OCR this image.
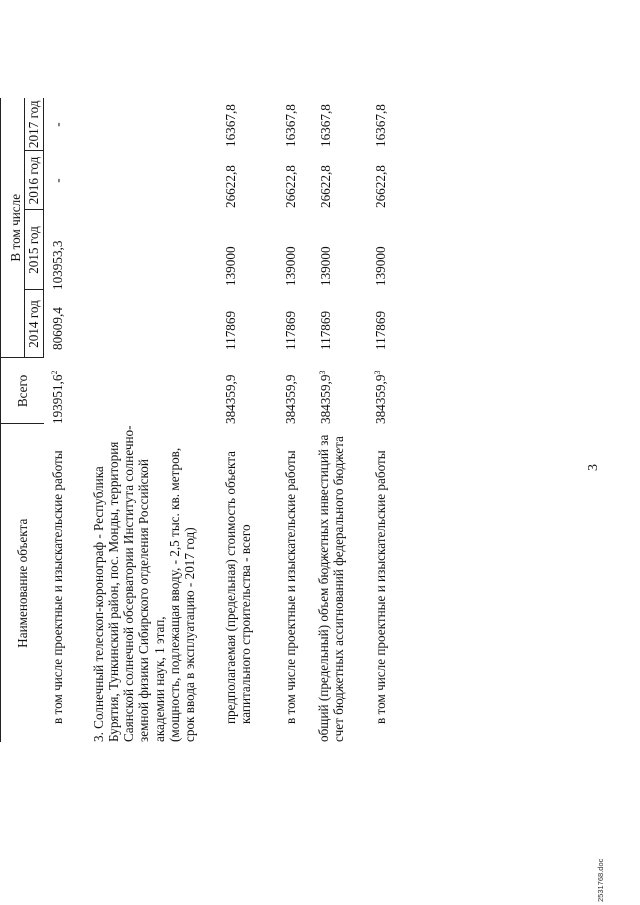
3
2531768.doc
	Наименование объекта	Всего	В том числе				
			2014 год	2015 год	2016 год	2017 год	
	в том числе проектные и изыскательские работы	193951,6$^2$	80609,4	103953,3	-	-	
	3. Солнечный телескоп-коронограф - Республика Бурятия, Тункинский район, пос. Монды, территория Саянской солнечной обсерватории Института солнечно-земной физики Сибирского отделения Российской академии наук, 1 этап,
(мощность, подлежащая вводу, - 2,5 тыс. кв. метров, срок ввода в эксплуатацию - 2017 год)						
	предполагаемая (предельная) стоимость объекта капитального строительства - всего	384359,9	117869	139000	26622,8	16367,8	
	в том числе проектные и изыскательские работы	384359,9	117869	139000	26622,8	16367,8	
	общий (предельный) объем бюджетных инвестиций за счет бюджетных ассигнований федерального бюджета	384359,9$^3$	117869	139000	26622,8	16367,8	
	в том числе проектные и изыскательские работы	384359,9$^3$	117869	139000	26622,8	16367,8	
